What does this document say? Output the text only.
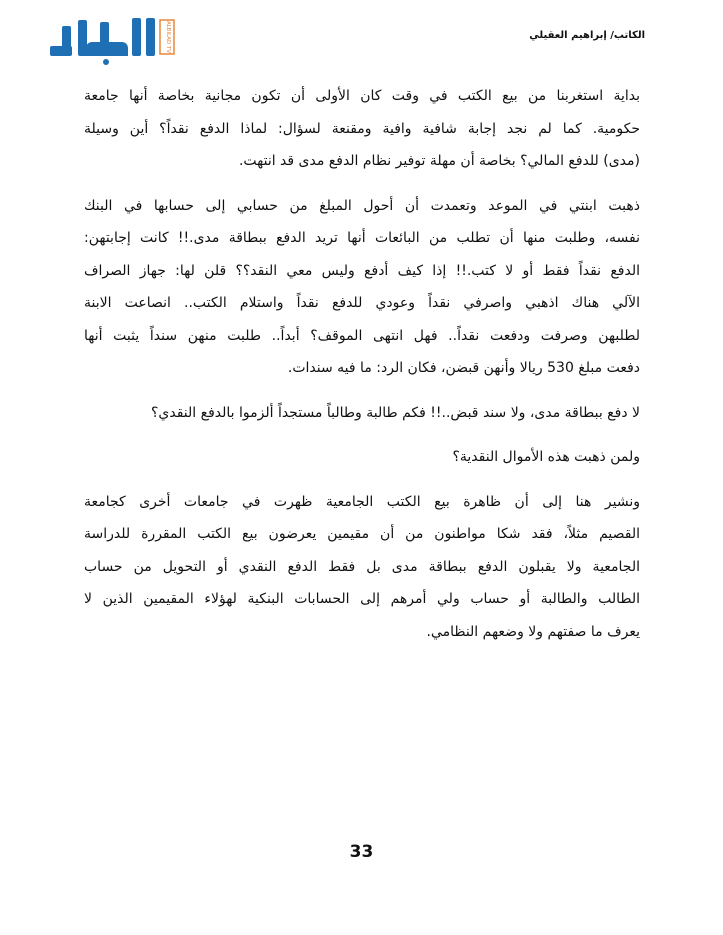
الكاتب/ إبراهيم العقيلي
ALBILAD TV

بداية استغربنا من بيع الكتب في وقت كان الأولى أن تكون مجانية بخاصة أنها جامعة
حكومية. كما لم نجد إجابة شافية وافية ومقنعة لسؤال: لماذا الدفع نقداً؟ أين وسيلة
(مدى) للدفع المالي؟ بخاصة أن مهلة توفير نظام الدفع مدى قد انتهت.

ذهبت ابنتي في الموعد وتعمدت أن أحول المبلغ من حسابي إلى حسابها في البنك
نفسه، وطلبت منها أن تطلب من البائعات أنها تريد الدفع ببطاقة مدى.!! كانت إجابتهن:
الدفع نقداً فقط أو لا كتب.!! إذا كيف أدفع وليس معي النقد؟؟ قلن لها: جهاز الصراف
الآلي هناك اذهبي واصرفي نقداً وعودي للدفع نقداً واستلام الكتب.. انصاعت الابنة
لطلبهن وصرفت ودفعت نقداً.. فهل انتهى الموقف؟ أبداً.. طلبت منهن سنداً يثبت أنها
دفعت مبلغ 530 ريالا وأنهن قبضن، فكان الرد: ما فيه سندات.

لا دفع ببطاقة مدى، ولا سند قبض..!! فكم طالبة وطالباً مستجداً ألزموا بالدفع النقدي؟

ولمن ذهبت هذه الأموال النقدية؟

ونشير هنا إلى أن ظاهرة بيع الكتب الجامعية ظهرت في جامعات أخرى كجامعة
القصيم مثلاً، فقد شكا مواطنون من أن مقيمين يعرضون بيع الكتب المقررة للدراسة
الجامعية ولا يقبلون الدفع ببطاقة مدى بل فقط الدفع النقدي أو التحويل من حساب
الطالب والطالبة أو حساب ولي أمرهم إلى الحسابات البنكية لهؤلاء المقيمين الذين لا
يعرف ما صفتهم ولا وضعهم النظامي.

33
